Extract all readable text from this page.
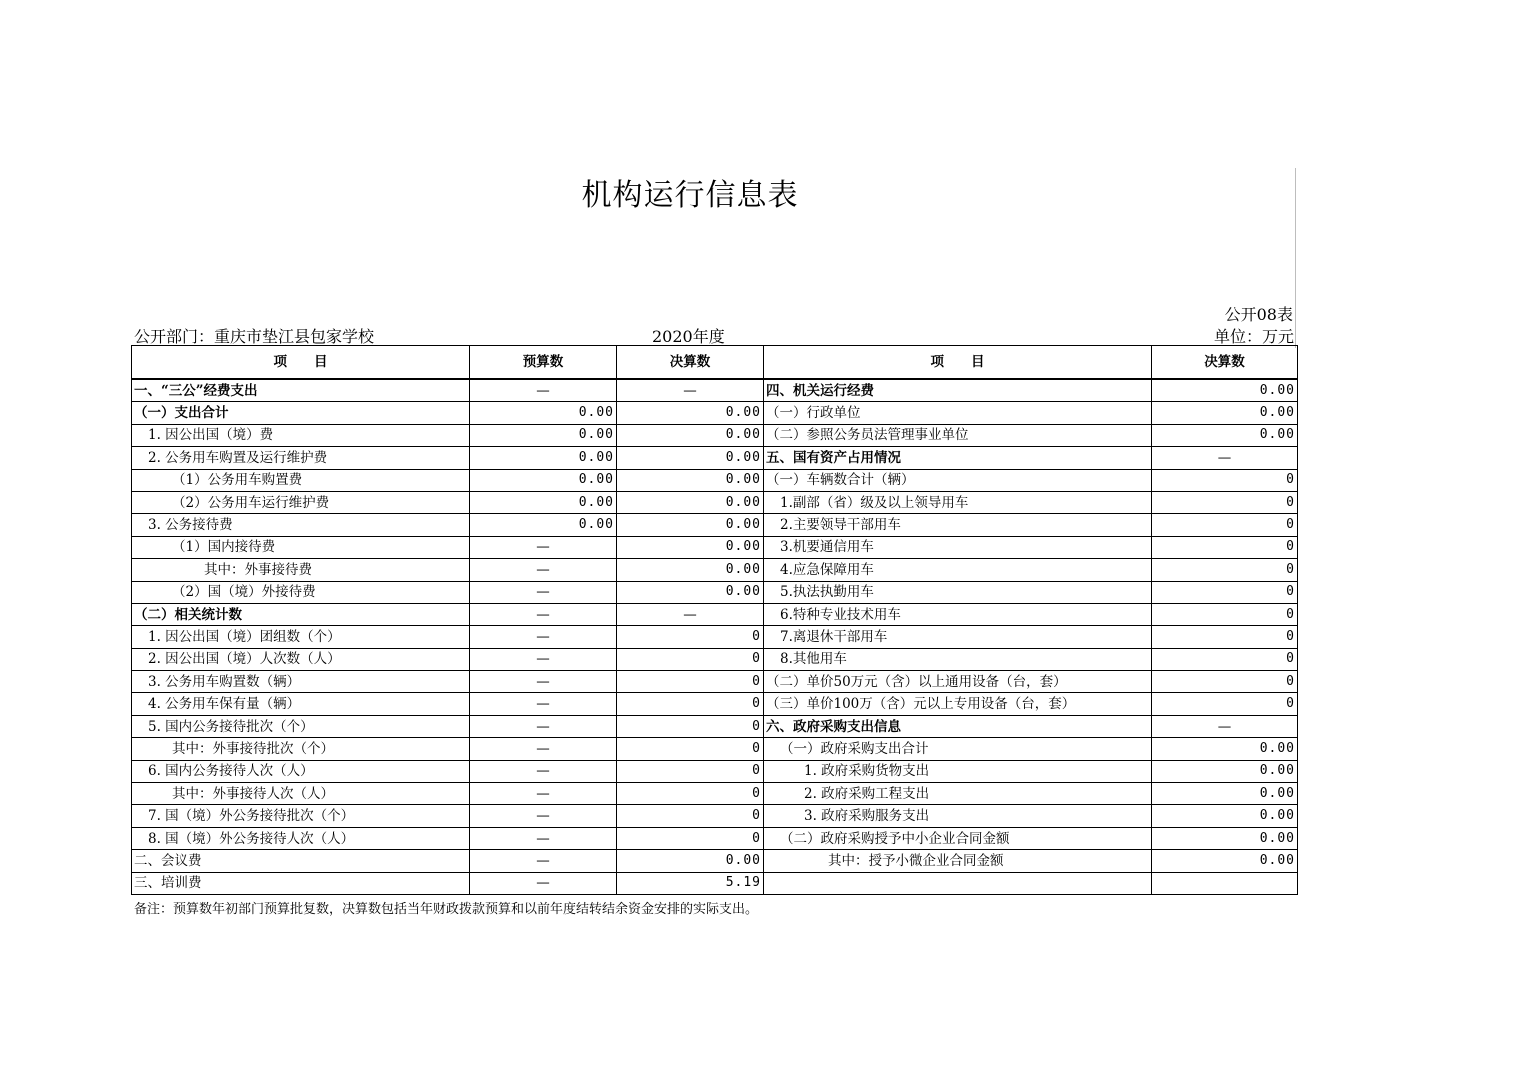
机构运行信息表
公开08表
公开部门：重庆市垫江县包家学校	2020年度	单位：万元
项　　目	预算数	决算数	项　　目	决算数
一、“三公”经费支出	—	—	四、机关运行经费	0.00
（一）支出合计	0.00	0.00	（一）行政单位	0.00
1. 因公出国（境）费	0.00	0.00	（二）参照公务员法管理事业单位	0.00
2. 公务用车购置及运行维护费	0.00	0.00	五、国有资产占用情况	—
（1）公务用车购置费	0.00	0.00	（一）车辆数合计（辆）	0
（2）公务用车运行维护费	0.00	0.00	1.副部（省）级及以上领导用车	0
3. 公务接待费	0.00	0.00	2.主要领导干部用车	0
（1）国内接待费	—	0.00	3.机要通信用车	0
其中：外事接待费	—	0.00	4.应急保障用车	0
（2）国（境）外接待费	—	0.00	5.执法执勤用车	0
（二）相关统计数	—	—	6.特种专业技术用车	0
1. 因公出国（境）团组数（个）	—	0	7.离退休干部用车	0
2. 因公出国（境）人次数（人）	—	0	8.其他用车	0
3. 公务用车购置数（辆）	—	0	（二）单价50万元（含）以上通用设备（台，套）	0
4. 公务用车保有量（辆）	—	0	（三）单价100万（含）元以上专用设备（台，套）	0
5. 国内公务接待批次（个）	—	0	六、政府采购支出信息	—
其中：外事接待批次（个）	—	0	（一）政府采购支出合计	0.00
6. 国内公务接待人次（人）	—	0	1. 政府采购货物支出	0.00
其中：外事接待人次（人）	—	0	2. 政府采购工程支出	0.00
7. 国（境）外公务接待批次（个）	—	0	3. 政府采购服务支出	0.00
8. 国（境）外公务接待人次（人）	—	0	（二）政府采购授予中小企业合同金额	0.00
二、会议费	—	0.00	其中：授予小微企业合同金额	0.00
三、培训费	—	5.19		
备注：预算数年初部门预算批复数，决算数包括当年财政拨款预算和以前年度结转结余资金安排的实际支出。
